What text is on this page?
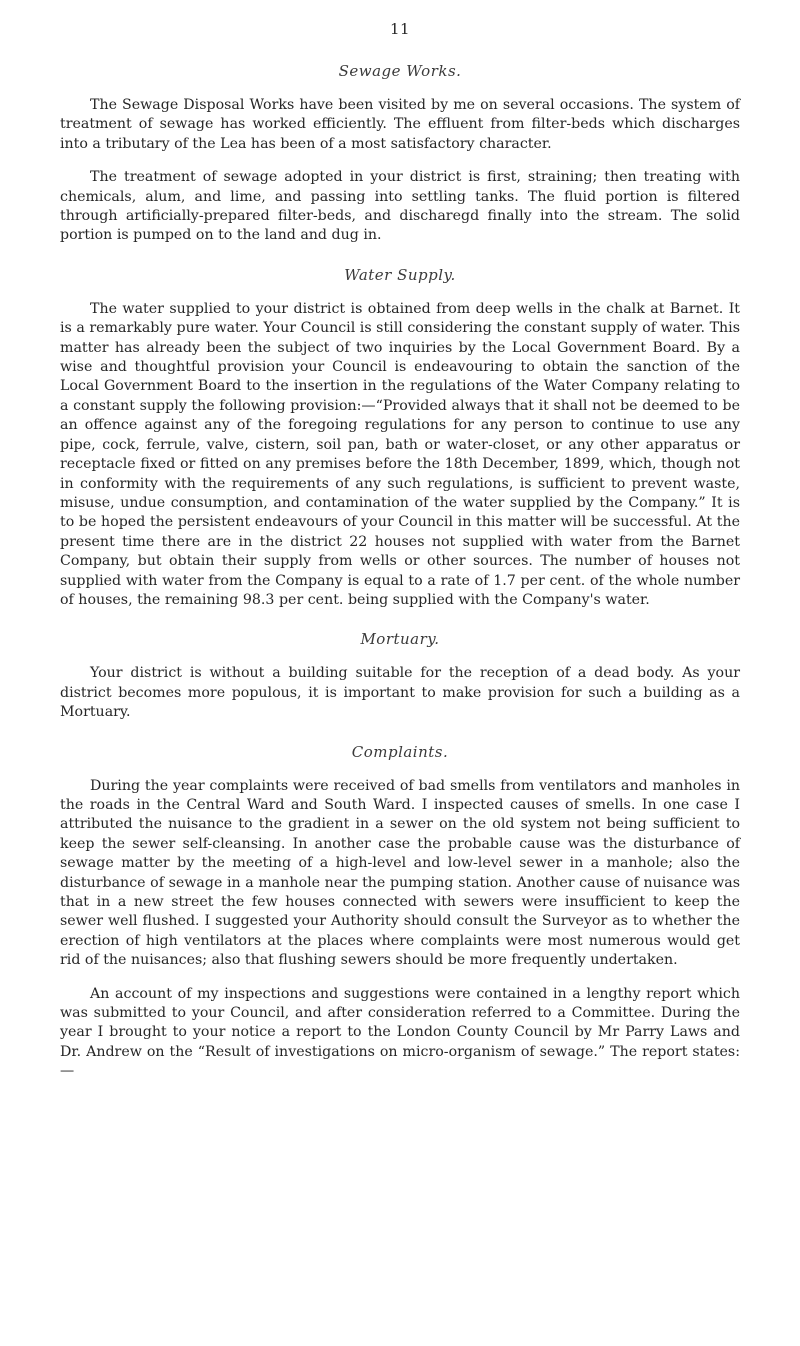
11
Sewage Works.

The Sewage Disposal Works have been visited by me on several occasions. The system of treatment of sewage has worked efficiently. The effluent from filter-beds which discharges into a tributary of the Lea has been of a most satisfactory character.

The treatment of sewage adopted in your district is first, straining; then treating with chemicals, alum, and lime, and passing into settling tanks. The fluid portion is filtered through artificially-prepared filter-beds, and discharegd finally into the stream. The solid portion is pumped on to the land and dug in.

Water Supply.

The water supplied to your district is obtained from deep wells in the chalk at Barnet. It is a remarkably pure water. Your Council is still considering the constant supply of water. This matter has already been the subject of two inquiries by the Local Government Board. By a wise and thoughtful provision your Council is endeavouring to obtain the sanction of the Local Government Board to the insertion in the regulations of the Water Company relating to a constant supply the following provision:—“Provided always that it shall not be deemed to be an offence against any of the foregoing regulations for any person to continue to use any pipe, cock, ferrule, valve, cistern, soil pan, bath or water-closet, or any other apparatus or receptacle fixed or fitted on any premises before the 18th December, 1899, which, though not in conformity with the requirements of any such regulations, is sufficient to prevent waste, misuse, undue consumption, and contamination of the water supplied by the Company.” It is to be hoped the persistent endeavours of your Council in this matter will be successful. At the present time there are in the district 22 houses not supplied with water from the Barnet Company, but obtain their supply from wells or other sources. The number of houses not supplied with water from the Company is equal to a rate of 1.7 per cent. of the whole number of houses, the remaining 98.3 per cent. being supplied with the Company's water.

Mortuary.

Your district is without a building suitable for the reception of a dead body. As your district becomes more populous, it is important to make provision for such a building as a Mortuary.

Complaints.

During the year complaints were received of bad smells from ventilators and manholes in the roads in the Central Ward and South Ward. I inspected causes of smells. In one case I attributed the nuisance to the gradient in a sewer on the old system not being sufficient to keep the sewer self-cleansing. In another case the probable cause was the disturbance of sewage matter by the meeting of a high-level and low-level sewer in a manhole; also the disturbance of sewage in a manhole near the pumping station. Another cause of nuisance was that in a new street the few houses connected with sewers were insufficient to keep the sewer well flushed. I suggested your Authority should consult the Surveyor as to whether the erection of high ventilators at the places where complaints were most numerous would get rid of the nuisances; also that flushing sewers should be more frequently undertaken.

An account of my inspections and suggestions were contained in a lengthy report which was submitted to your Council, and after consideration referred to a Committee. During the year I brought to your notice a report to the London County Council by Mr Parry Laws and Dr. Andrew on the “Result of investigations on micro-organism of sewage.” The report states:—
